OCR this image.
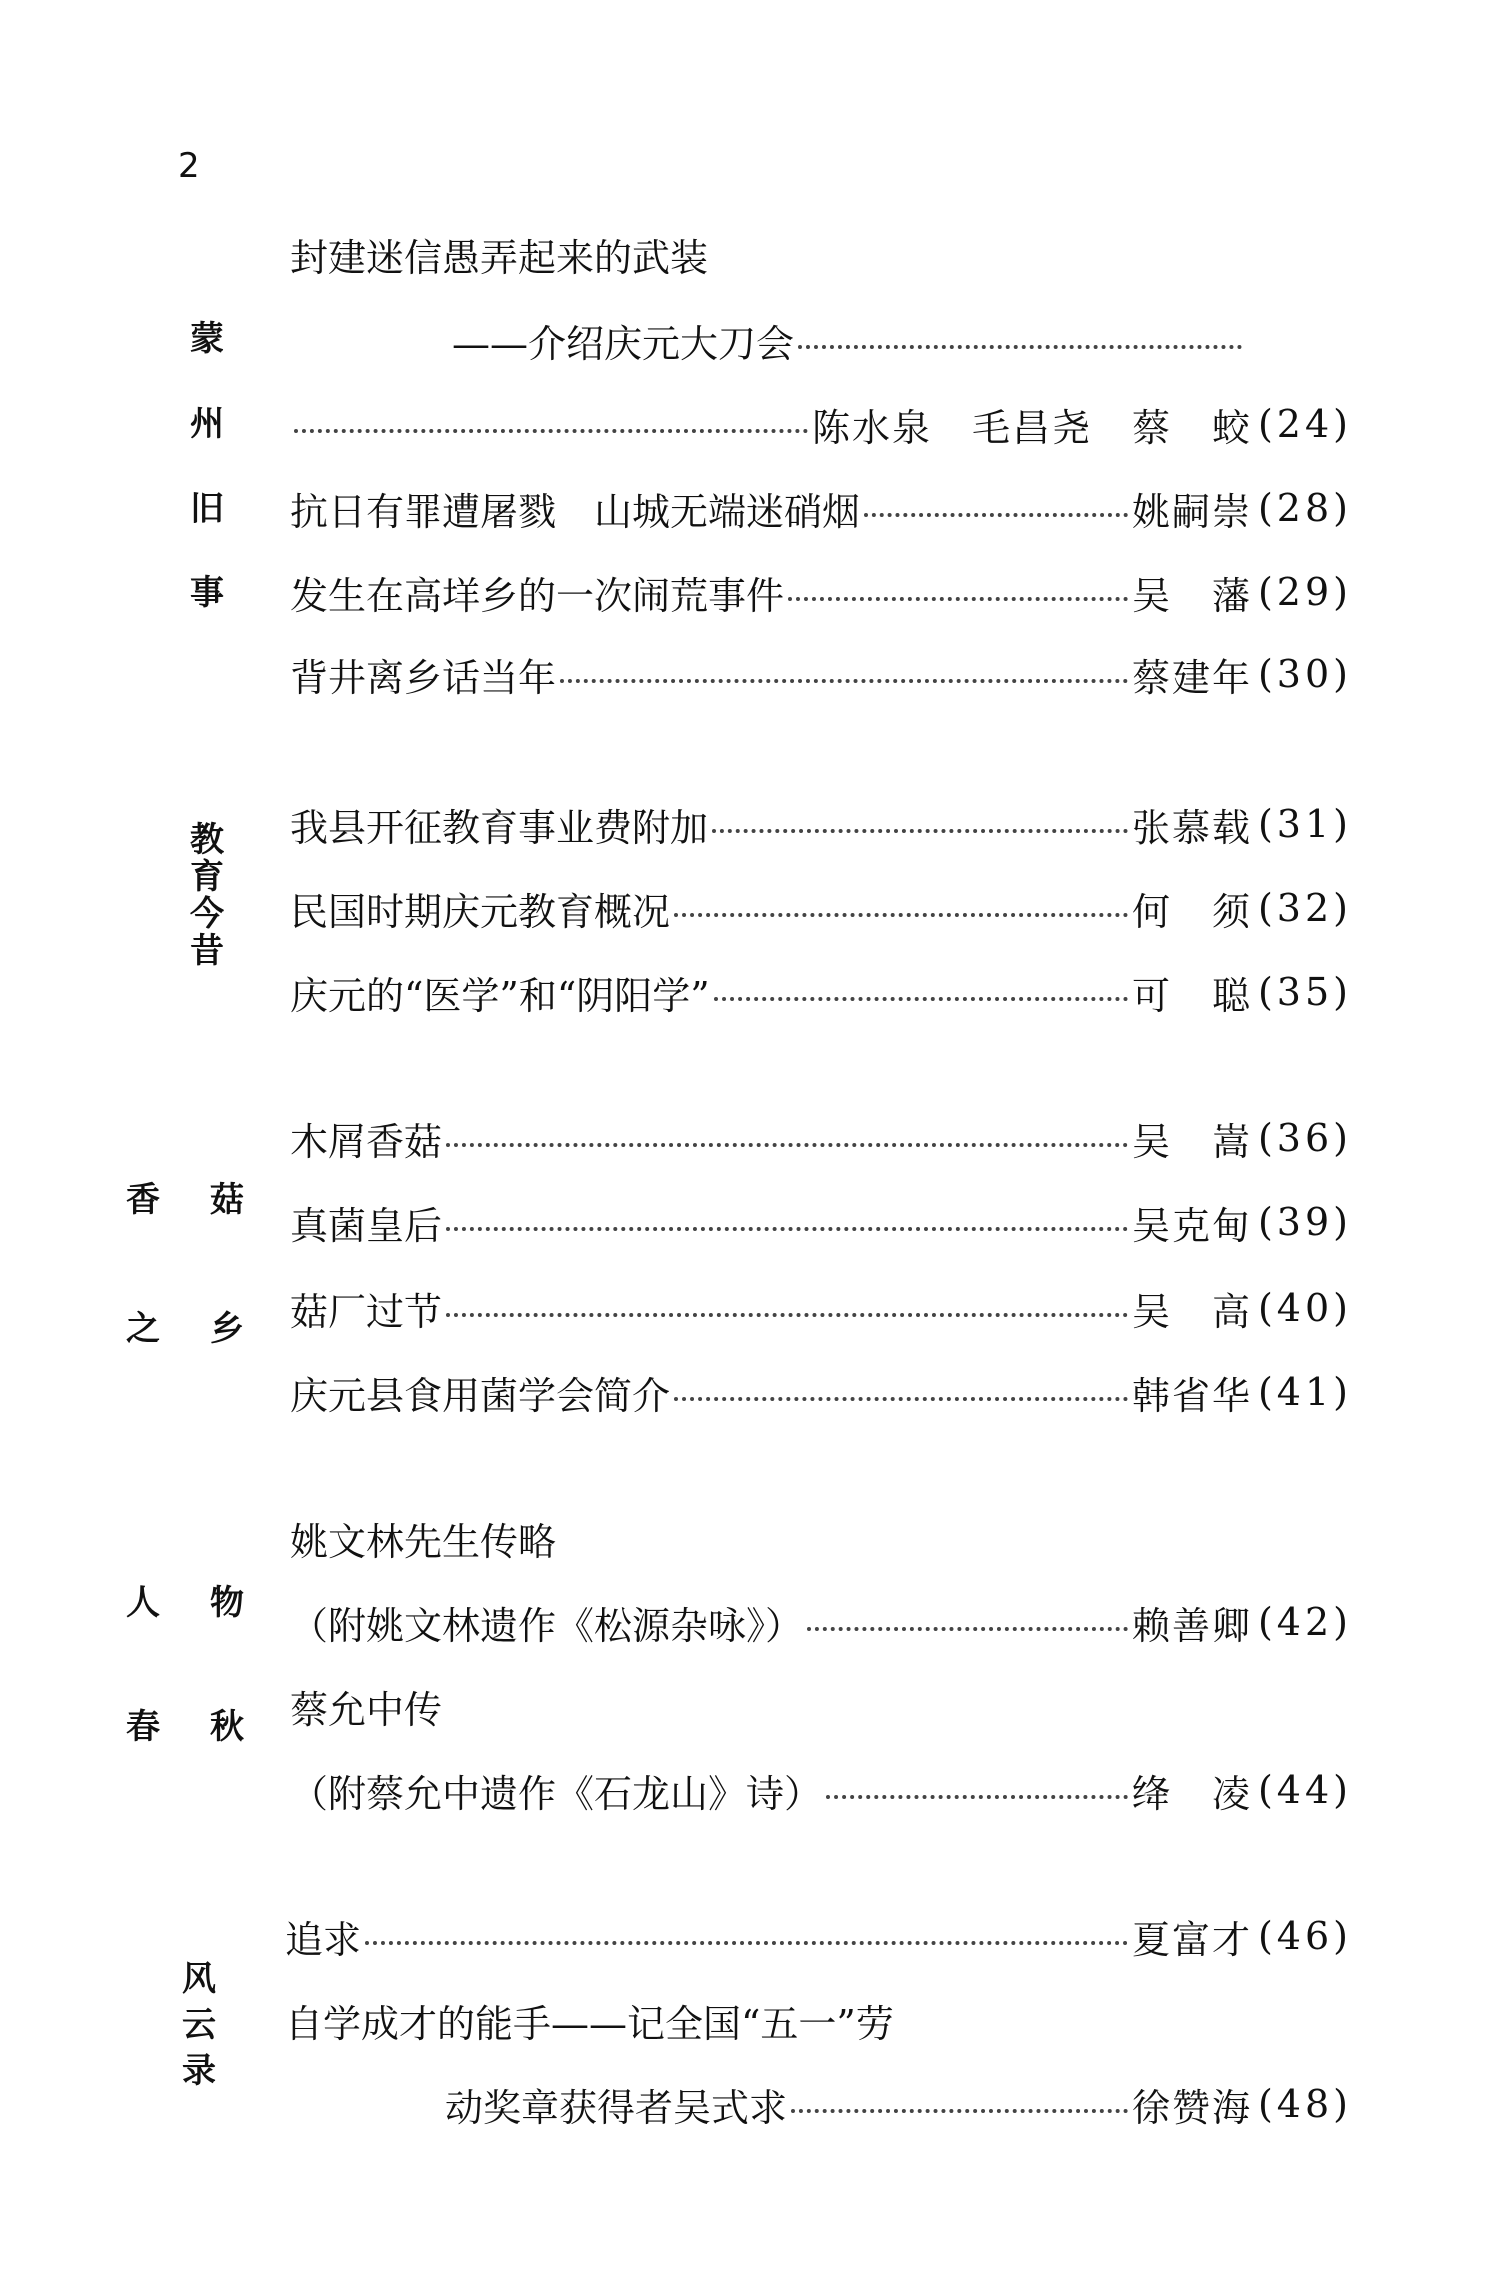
2
蒙
州
旧
事
教
育
今
昔
香 菇
之 乡
人 物
春 秋
风
云
录
封建迷信愚弄起来的武装
——介绍庆元大刀会
陈水泉　毛昌尧　蔡　蛟 (24)
抗日有罪遭屠戮　山城无端迷硝烟	姚嗣崇 (28)
发生在高垟乡的一次闹荒事件	吴　藩 (29)
背井离乡话当年	蔡建年 (30)
我县开征教育事业费附加	张慕载 (31)
民国时期庆元教育概况	何　须 (32)
庆元的“医学”和“阴阳学”	可　聪 (35)
木屑香菇	吴　嵩 (36)
真菌皇后	吴克甸 (39)
菇厂过节	吴　高 (40)
庆元县食用菌学会简介	韩省华 (41)
姚文林先生传略
（附姚文林遗作《松源杂咏》）	赖善卿 (42)
蔡允中传
（附蔡允中遗作《石龙山》诗）	绛　凌 (44)
追求	夏富才 (46)
自学成才的能手——记全国“五一”劳
动奖章获得者吴式求	徐赞海 (48)
